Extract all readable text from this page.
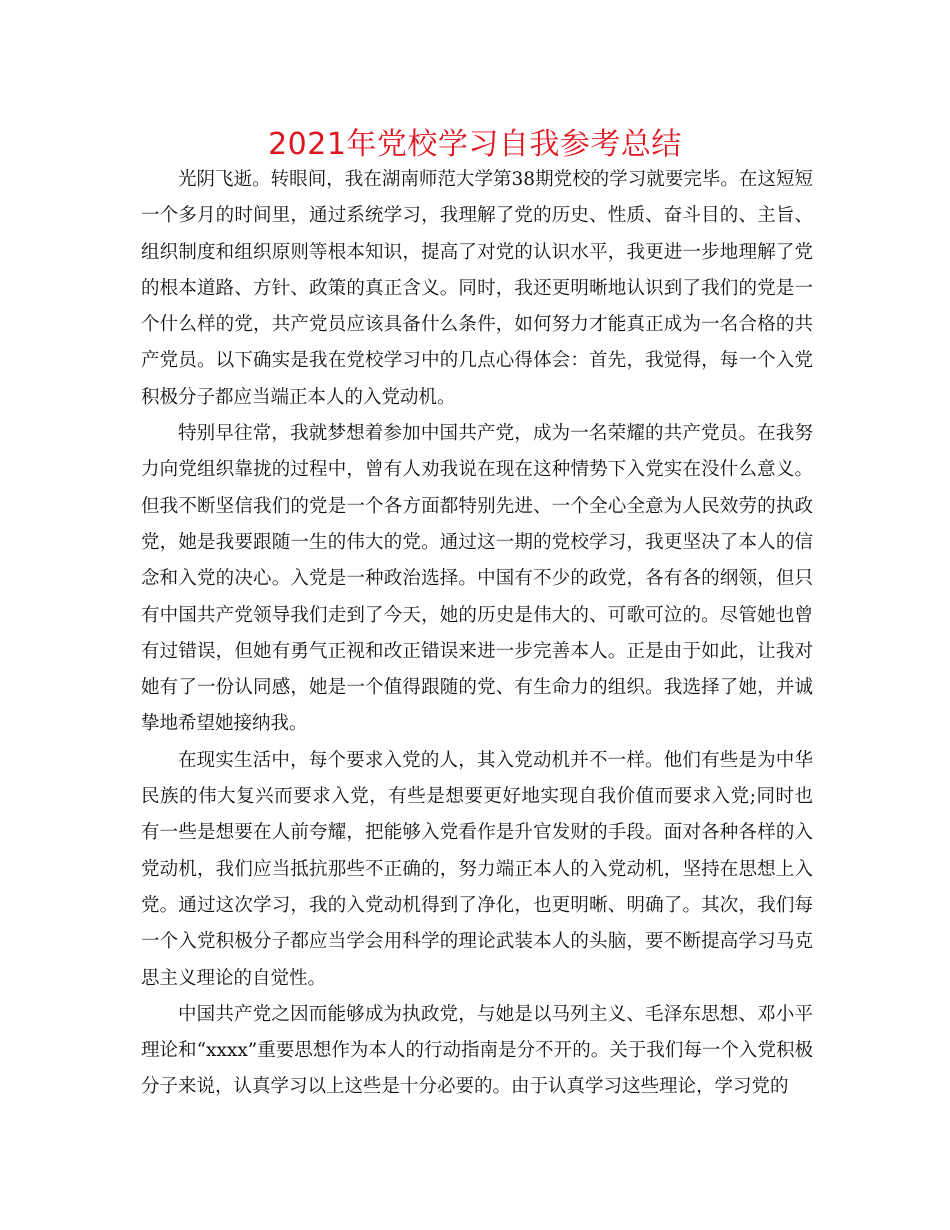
2021年党校学习自我参考总结

光阴飞逝。转眼间，我在湖南师范大学第38期党校的学习就要完毕。在这短短一个多月的时间里，通过系统学习，我理解了党的历史、性质、奋斗目的、主旨、组织制度和组织原则等根本知识，提高了对党的认识水平，我更进一步地理解了党的根本道路、方针、政策的真正含义。同时，我还更明晰地认识到了我们的党是一个什么样的党，共产党员应该具备什么条件，如何努力才能真正成为一名合格的共产党员。以下确实是我在党校学习中的几点心得体会：首先，我觉得，每一个入党积极分子都应当端正本人的入党动机。

特别早往常，我就梦想着参加中国共产党，成为一名荣耀的共产党员。在我努力向党组织靠拢的过程中，曾有人劝我说在现在这种情势下入党实在没什么意义。但我不断坚信我们的党是一个各方面都特别先进、一个全心全意为人民效劳的执政党，她是我要跟随一生的伟大的党。通过这一期的党校学习，我更坚决了本人的信念和入党的决心。入党是一种政治选择。中国有不少的政党，各有各的纲领，但只有中国共产党领导我们走到了今天，她的历史是伟大的、可歌可泣的。尽管她也曾有过错误，但她有勇气正视和改正错误来进一步完善本人。正是由于如此，让我对她有了一份认同感，她是一个值得跟随的党、有生命力的组织。我选择了她，并诚挚地希望她接纳我。

在现实生活中，每个要求入党的人，其入党动机并不一样。他们有些是为中华民族的伟大复兴而要求入党，有些是想要更好地实现自我价值而要求入党;同时也有一些是想要在人前夸耀，把能够入党看作是升官发财的手段。面对各种各样的入党动机，我们应当抵抗那些不正确的，努力端正本人的入党动机，坚持在思想上入党。通过这次学习，我的入党动机得到了净化，也更明晰、明确了。其次，我们每一个入党积极分子都应当学会用科学的理论武装本人的头脑，要不断提高学习马克思主义理论的自觉性。

中国共产党之因而能够成为执政党，与她是以马列主义、毛泽东思想、邓小平理论和“xxxx”重要思想作为本人的行动指南是分不开的。关于我们每一个入党积极分子来说，认真学习以上这些是十分必要的。由于认真学习这些理论，学习党的
